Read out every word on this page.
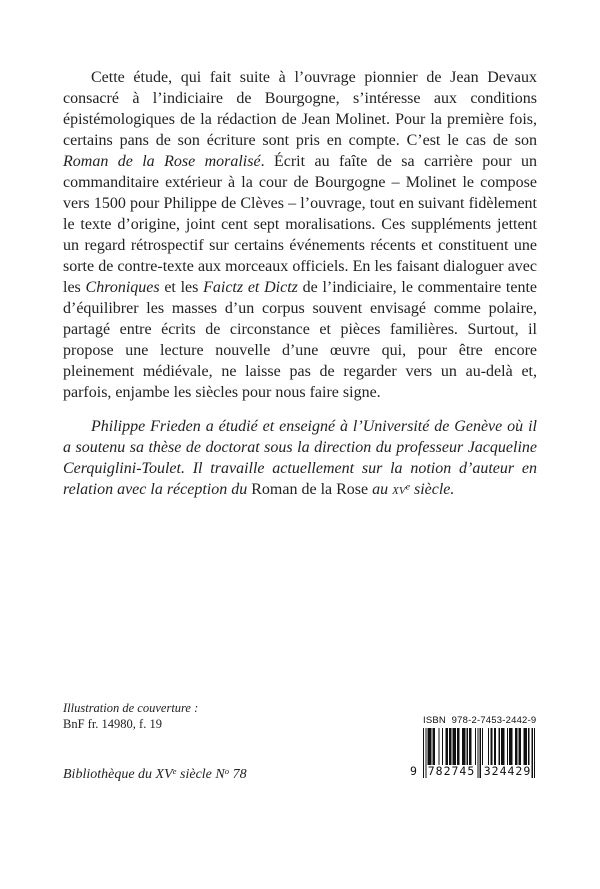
Cette étude, qui fait suite à l’ouvrage pionnier de Jean Devaux consacré à l’indiciaire de Bourgogne, s’intéresse aux conditions épistémologiques de la rédaction de Jean Molinet. Pour la première fois, certains pans de son écriture sont pris en compte. C’est le cas de son Roman de la Rose moralisé. Écrit au faîte de sa carrière pour un commanditaire extérieur à la cour de Bourgogne – Molinet le compose vers 1500 pour Philippe de Clèves – l’ouvrage, tout en suivant fidèlement le texte d’origine, joint cent sept moralisations. Ces suppléments jettent un regard rétrospectif sur certains événements récents et constituent une sorte de contre-texte aux morceaux officiels. En les faisant dialoguer avec les Chroniques et les Faictz et Dictz de l’indiciaire, le commentaire tente d’équilibrer les masses d’un corpus souvent envisagé comme polaire, partagé entre écrits de circonstance et pièces familières. Surtout, il propose une lecture nouvelle d’une œuvre qui, pour être encore pleinement médiévale, ne laisse pas de regarder vers un au-delà et, parfois, enjambe les siècles pour nous faire signe.

Philippe Frieden a étudié et enseigné à l’Université de Genève où il a soutenu sa thèse de doctorat sous la direction du professeur Jacqueline Cerquiglini-Toulet. Il travaille actuellement sur la notion d’auteur en relation avec la réception du Roman de la Rose au $xv^e$ siècle.

Illustration de couverture :
BnF fr. 14980, f. 19
Bibliothèque du XVe siècle $N^o$ 78
ISBN  978-2-7453-2442-9
9 782745 324429
